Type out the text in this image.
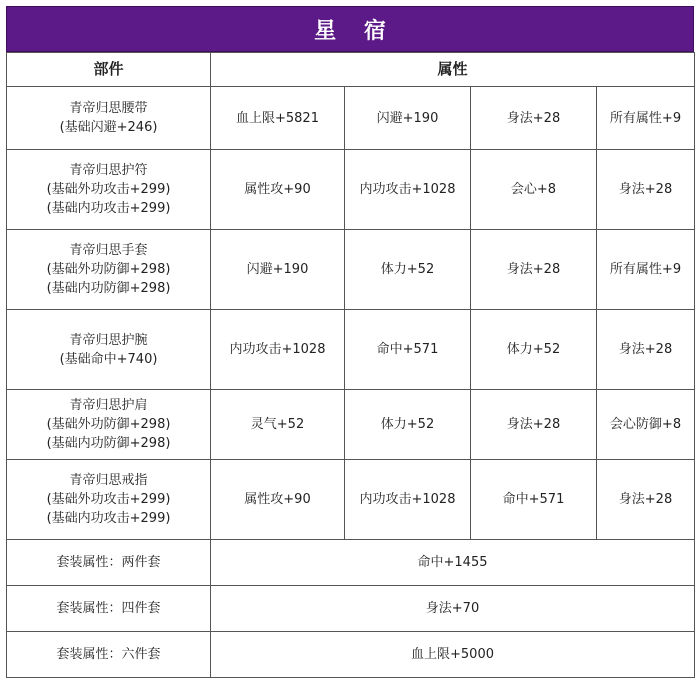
星 宿
部件	属性			

青帝归思腰带
(基础闪避+246)	血上限+5821	闪避+190	身法+28	所有属性+9

青帝归思护符
(基础外功攻击+299)
(基础内功攻击+299)	属性攻+90	内功攻击+1028	会心+8	身法+28

青帝归思手套
(基础外功防御+298)
(基础内功防御+298)	闪避+190	体力+52	身法+28	所有属性+9

青帝归思护腕
(基础命中+740)	内功攻击+1028	命中+571	体力+52	身法+28

青帝归思护肩
(基础外功防御+298)
(基础内功防御+298)	灵气+52	体力+52	身法+28	会心防御+8

青帝归思戒指
(基础外功攻击+299)
(基础内功攻击+299)	属性攻+90	内功攻击+1028	命中+571	身法+28
套装属性：两件套	命中+1455			
套装属性：四件套	身法+70			
套装属性：六件套	血上限+5000			
